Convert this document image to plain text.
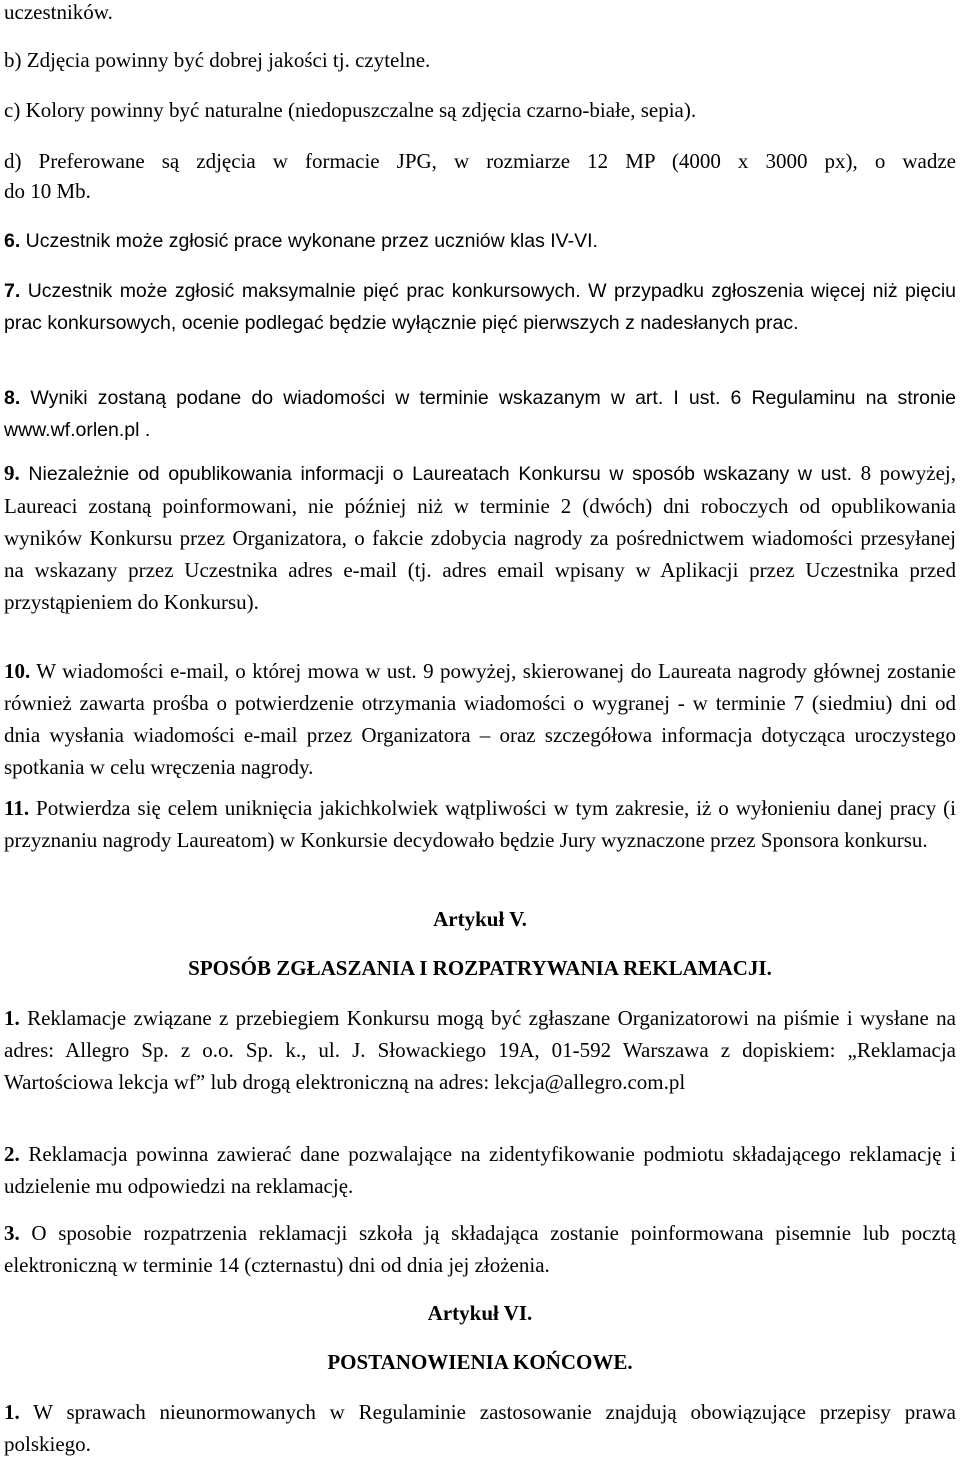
uczestników.

b) Zdjęcia powinny być dobrej jakości tj. czytelne.

c) Kolory powinny być naturalne (niedopuszczalne są zdjęcia czarno-białe, sepia).

d) Preferowane są zdjęcia w formacie JPG, w rozmiarze 12 MP (4000 x 3000 px), o wadze

do 10 Mb.

6. Uczestnik może zgłosić prace wykonane przez uczniów klas IV-VI.

7. Uczestnik może zgłosić maksymalnie pięć prac konkursowych. W przypadku zgłoszenia więcej niż pięciu prac konkursowych, ocenie podlegać będzie wyłącznie pięć pierwszych z nadesłanych prac.

8. Wyniki zostaną podane do wiadomości w terminie wskazanym w art. I ust. 6 Regulaminu na stronie www.wf.orlen.pl .

9. Niezależnie od opublikowania informacji o Laureatach Konkursu w sposób wskazany w ust. 8 powyżej, Laureaci zostaną poinformowani, nie później niż w terminie 2 (dwóch) dni roboczych od opublikowania wyników Konkursu przez Organizatora, o fakcie zdobycia nagrody za pośrednictwem wiadomości przesyłanej na wskazany przez Uczestnika adres e-mail (tj. adres email wpisany w Aplikacji przez Uczestnika przed przystąpieniem do Konkursu).

10. W wiadomości e-mail, o której mowa w ust. 9 powyżej, skierowanej do Laureata nagrody głównej zostanie również zawarta prośba o potwierdzenie otrzymania wiadomości o wygranej - w terminie 7 (siedmiu) dni od dnia wysłania wiadomości e-mail przez Organizatora – oraz szczegółowa informacja dotycząca uroczystego spotkania w celu wręczenia nagrody.

11. Potwierdza się celem uniknięcia jakichkolwiek wątpliwości w tym zakresie, iż o wyłonieniu danej pracy (i przyznaniu nagrody Laureatom) w Konkursie decydowało będzie Jury wyznaczone przez Sponsora konkursu.

Artykuł V.

SPOSÓB ZGŁASZANIA I ROZPATRYWANIA REKLAMACJI.

1. Reklamacje związane z przebiegiem Konkursu mogą być zgłaszane Organizatorowi na piśmie i wysłane na adres: Allegro Sp. z o.o. Sp. k., ul. J. Słowackiego 19A, 01-592 Warszawa z dopiskiem: „Reklamacja Wartościowa lekcja wf” lub drogą elektroniczną na adres: lekcja@allegro.com.pl

2. Reklamacja powinna zawierać dane pozwalające na zidentyfikowanie podmiotu składającego reklamację i udzielenie mu odpowiedzi na reklamację.

3. O sposobie rozpatrzenia reklamacji szkoła ją składająca zostanie poinformowana pisemnie lub pocztą elektroniczną w terminie 14 (czternastu) dni od dnia jej złożenia.

Artykuł VI.

POSTANOWIENIA KOŃCOWE.

1. W sprawach nieunormowanych w Regulaminie zastosowanie znajdują obowiązujące przepisy prawa polskiego.
